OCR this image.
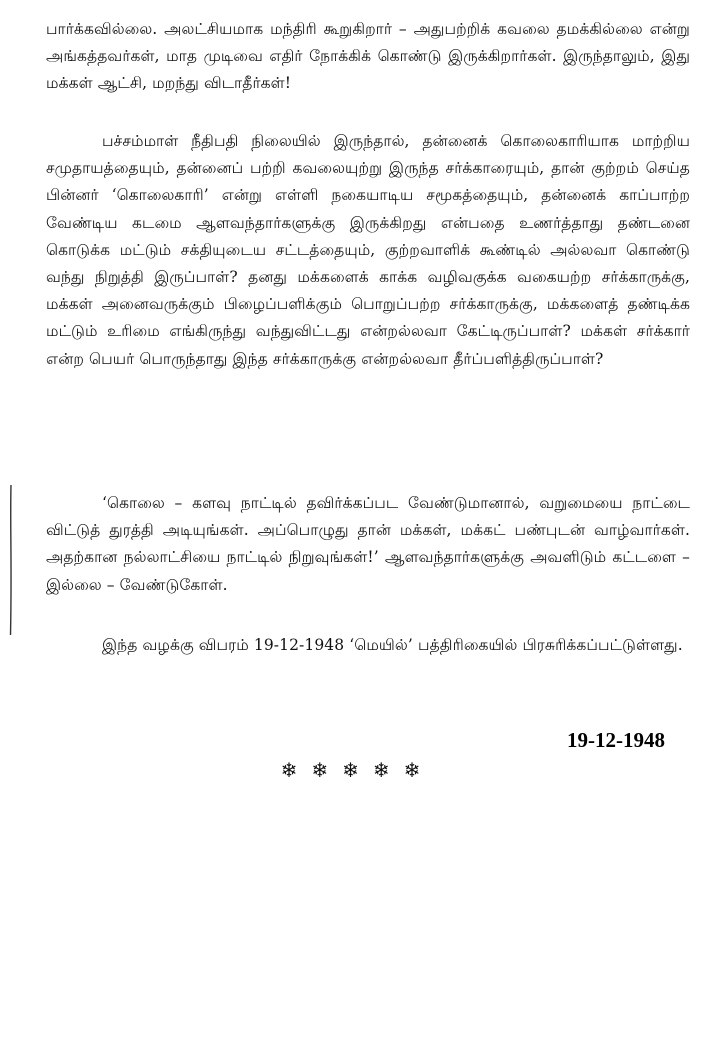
பார்க்கவில்லை. அலட்சியமாக மந்திரி கூறுகிறார் – அதுபற்றிக் கவலை தமக்கில்லை என்று அங்கத்தவர்கள், மாத முடிவை எதிர் நோக்கிக் கொண்டு இருக்கிறார்கள். இருந்தாலும், இது மக்கள் ஆட்சி, மறந்து விடாதீர்கள்!

பச்சம்மாள் நீதிபதி நிலையில் இருந்தால், தன்னைக் கொலைகாரியாக மாற்றிய சமுதாயத்தையும், தன்னைப் பற்றி கவலையுற்று இருந்த சர்க்காரையும், தான் குற்றம் செய்த பின்னர் ‘கொலைகாரி’ என்று எள்ளி நகையாடிய சமூகத்தையும், தன்னைக் காப்பாற்ற வேண்டிய கடமை ஆளவந்தார்களுக்கு இருக்கிறது என்பதை உணர்த்தாது தண்டனை கொடுக்க மட்டும் சக்தியுடைய சட்டத்தையும், குற்றவாளிக் கூண்டில் அல்லவா கொண்டு வந்து நிறுத்தி இருப்பாள்? தனது மக்களைக் காக்க வழிவகுக்க வகையற்ற சர்க்காருக்கு, மக்கள் அனைவருக்கும் பிழைப்பளிக்கும் பொறுப்பற்ற சர்க்காருக்கு, மக்களைத் தண்டிக்க மட்டும் உரிமை எங்கிருந்து வந்துவிட்டது என்றல்லவா கேட்டிருப்பாள்? மக்கள் சர்க்கார் என்ற பெயர் பொருந்தாது இந்த சர்க்காருக்கு என்றல்லவா தீர்ப்பளித்திருப்பாள்?

‘கொலை – களவு நாட்டில் தவிர்க்கப்பட வேண்டுமானால், வறுமையை நாட்டை விட்டுத் துரத்தி அடியுங்கள். அப்பொழுது தான் மக்கள், மக்கட் பண்புடன் வாழ்வார்கள். அதற்கான நல்லாட்சியை நாட்டில் நிறுவுங்கள்!’ ஆளவந்தார்களுக்கு அவளிடும் கட்டளை – இல்லை – வேண்டுகோள்.

இந்த வழக்கு விபரம் 19-12-1948 ‘மெயில்’ பத்திரிகையில் பிரசுரிக்கப்பட்டுள்ளது.

19-12-1948
❄❄❄❄❄
